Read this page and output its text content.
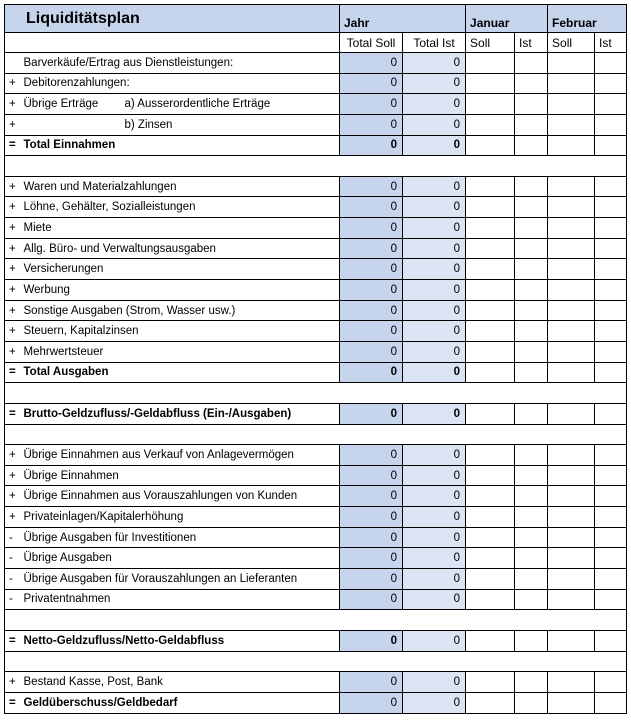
Liquiditätsplan		Jahr		Januar		Februar	
		Total Soll	Total Ist	Soll	Ist	Soll	Ist
	Barverkäufe/Ertrag aus Dienstleistungen:	0	0				
+	Debitorenzahlungen:	0	0				
+	Übrige Erträge a) Ausserordentliche Erträge	0	0				
+	b) Zinsen	0	0				
=	Total Einnahmen	0	0				

+	Waren und Materialzahlungen	0	0				
+	Löhne, Gehälter, Sozialleistungen	0	0				
+	Miete	0	0				
+	Allg. Büro- und Verwaltungsausgaben	0	0				
+	Versicherungen	0	0				
+	Werbung	0	0				
+	Sonstige Ausgaben (Strom, Wasser usw.)	0	0				
+	Steuern, Kapitalzinsen	0	0				
+	Mehrwertsteuer	0	0				
=	Total Ausgaben	0	0				

=	Brutto-Geldzufluss/-Geldabfluss (Ein-/Ausgaben)	0	0				

+	Übrige Einnahmen aus Verkauf von Anlagevermögen	0	0				
+	Übrige Einnahmen	0	0				
+	Übrige Einnahmen aus Vorauszahlungen von Kunden	0	0				
+	Privateinlagen/Kapitalerhöhung	0	0				
-	Übrige Ausgaben für Investitionen	0	0				
-	Übrige Ausgaben	0	0				
-	Übrige Ausgaben für Vorauszahlungen an Lieferanten	0	0				
-	Privatentnahmen	0	0				

=	Netto-Geldzufluss/Netto-Geldabfluss	0	0				

+	Bestand Kasse, Post, Bank	0	0				
=	Geldüberschuss/Geldbedarf	0	0				
